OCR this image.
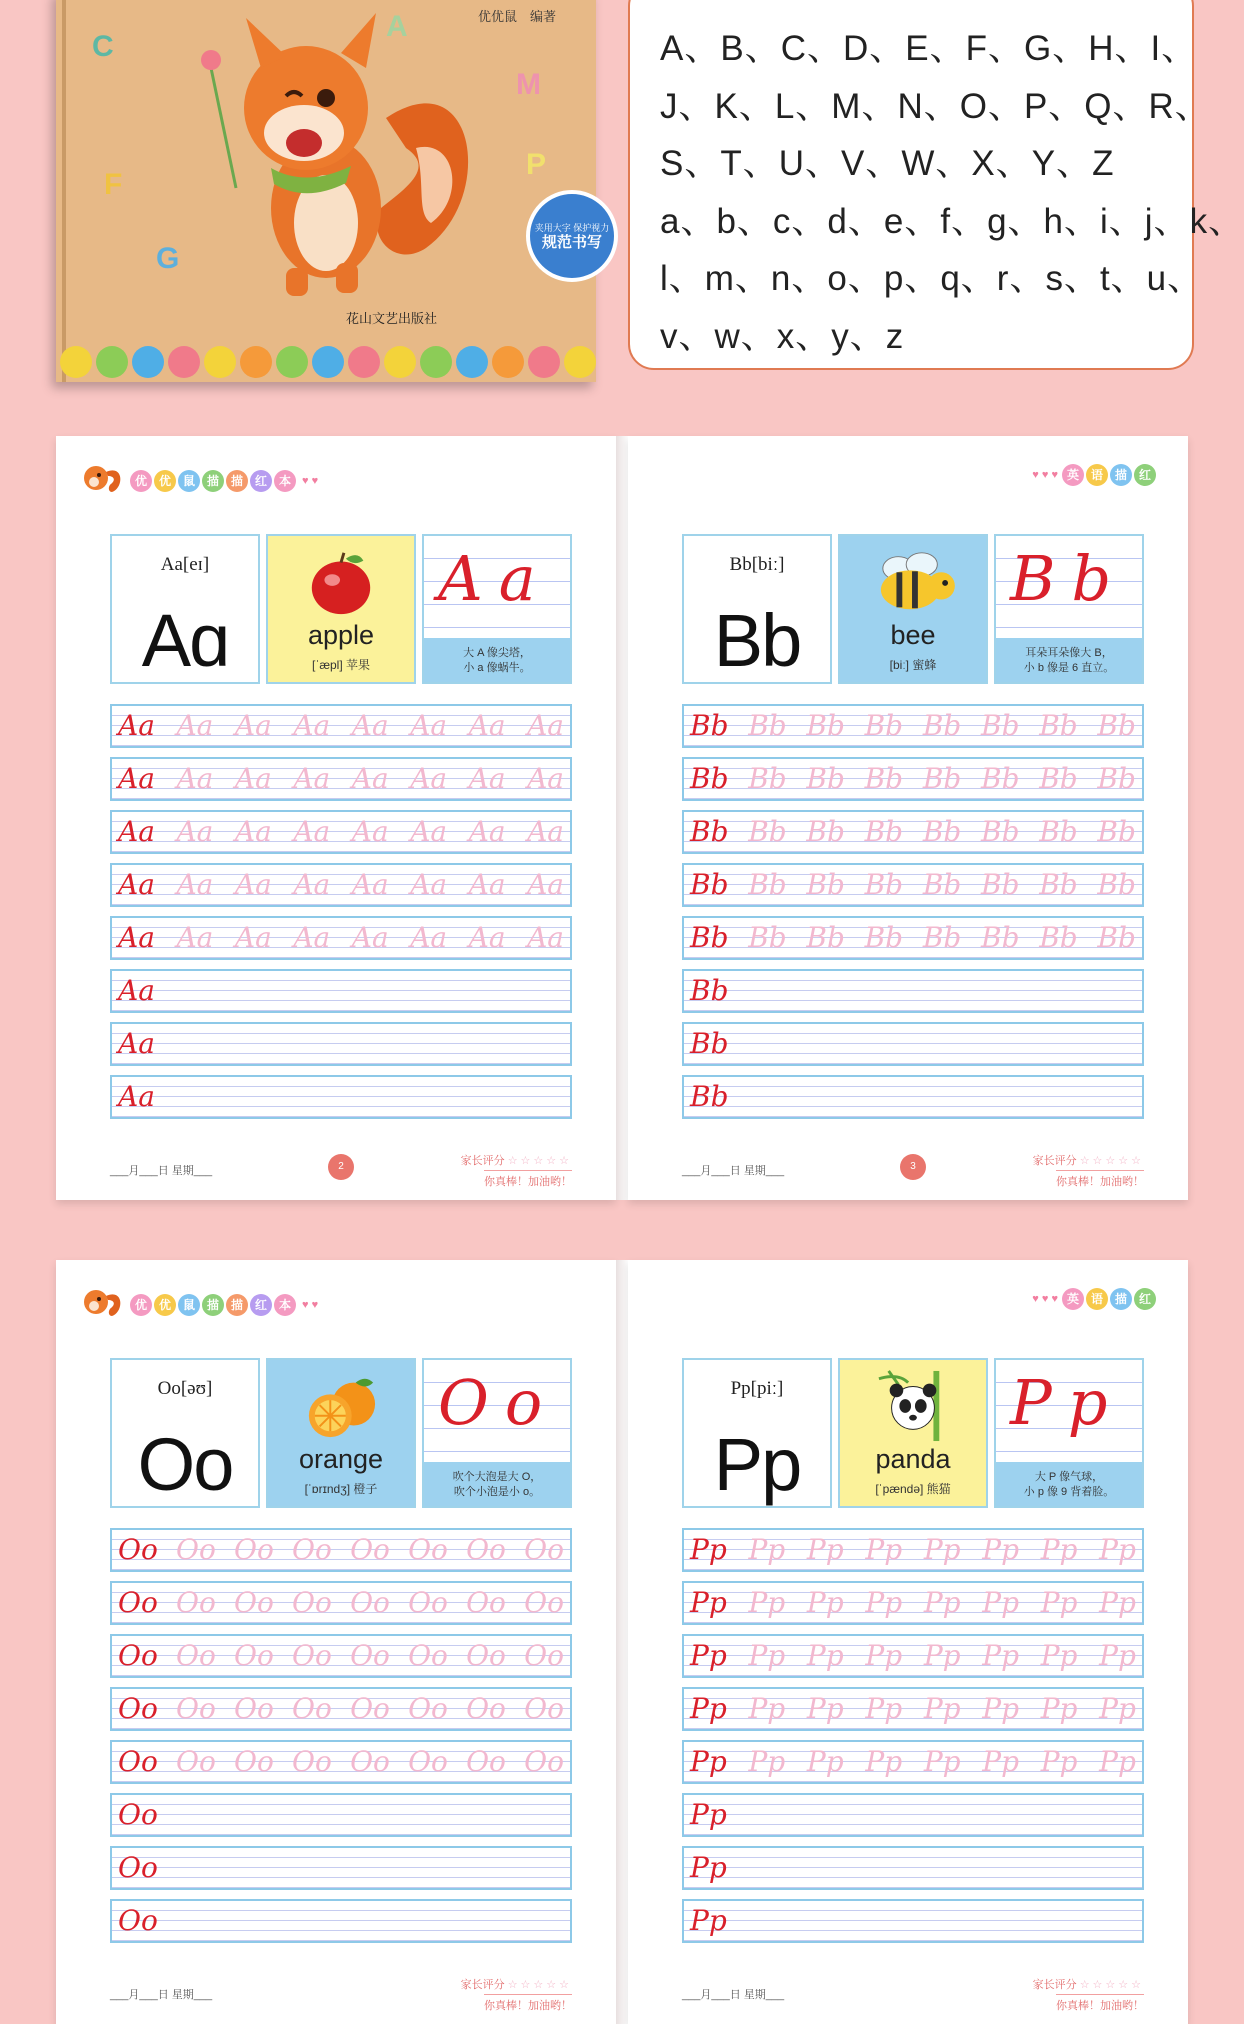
优优鼠　编著
C
A
M
P
F
G
夹用大字 保护视力
规范书写
花山文艺出版社
A、B、C、D、E、F、G、H、I、
J、K、L、M、N、O、P、Q、R、
S、T、U、V、W、X、Y、Z
a、b、c、d、e、f、g、h、i、j、k、
l、m、n、o、p、q、r、s、t、u、
v、w、x、y、z
优 优 鼠 描 描 红 本	♥ ♥
Aa[eɪ]
Aɑ	apple
[ˈæpl] 苹果
Aa
大 A 像尖塔，
小 a 像蜗牛。
Aa Aa Aa Aa Aa Aa Aa Aa
Aa Aa Aa Aa Aa Aa Aa Aa
Aa Aa Aa Aa Aa Aa Aa Aa
Aa Aa Aa Aa Aa Aa Aa Aa
Aa Aa Aa Aa Aa Aa Aa Aa
Aa
Aa
Aa
___月___日 星期___	2	家长评分 ☆☆☆☆☆
你真棒！加油哟！
♥ ♥ ♥ 英 语 描 红
Bb[biː]
Bb	bee
[biː] 蜜蜂
Bb
耳朵耳朵像大 B，
小 b 像是 6 直立。
Bb Bb Bb Bb Bb Bb Bb Bb
Bb Bb Bb Bb Bb Bb Bb Bb
Bb Bb Bb Bb Bb Bb Bb Bb
Bb Bb Bb Bb Bb Bb Bb Bb
Bb Bb Bb Bb Bb Bb Bb Bb
Bb
Bb
Bb
___月___日 星期___	3	家长评分 ☆☆☆☆☆
你真棒！加油哟！
优 优 鼠 描 描 红 本	♥ ♥
Oo[əʊ]
Oo	orange
[ˈɒrɪndʒ] 橙子
Oo
吹个大泡是大 O，
吹个小泡是小 o。
Oo Oo Oo Oo Oo Oo Oo Oo
Oo Oo Oo Oo Oo Oo Oo Oo
Oo Oo Oo Oo Oo Oo Oo Oo
Oo Oo Oo Oo Oo Oo Oo Oo
Oo Oo Oo Oo Oo Oo Oo Oo
Oo
Oo
Oo
___月___日 星期___
家长评分 ☆☆☆☆☆
你真棒！加油哟！
♥ ♥ ♥ 英 语 描 红
Pp[piː]
Pp	panda
[ˈpændə] 熊猫
Pp
大 P 像气球，
小 p 像 9 背着脸。
Pp Pp Pp Pp Pp Pp Pp Pp
Pp Pp Pp Pp Pp Pp Pp Pp
Pp Pp Pp Pp Pp Pp Pp Pp
Pp Pp Pp Pp Pp Pp Pp Pp
Pp Pp Pp Pp Pp Pp Pp Pp
Pp
Pp
Pp
___月___日 星期___
家长评分 ☆☆☆☆☆
你真棒！加油哟！
